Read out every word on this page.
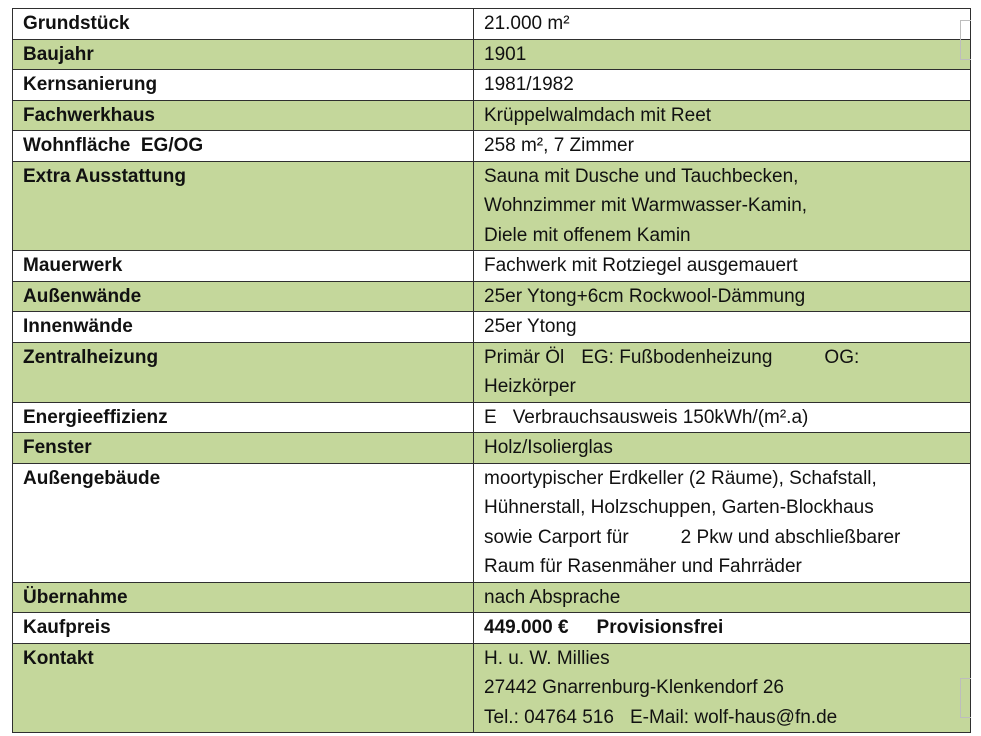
Grundstück	21.000 m²
Baujahr	1901
Kernsanierung	1981/1982
Fachwerkhaus	Krüppelwalmdach mit Reet
Wohnfläche  EG/OG	258 m², 7 Zimmer
Extra Ausstattung	Sauna mit Dusche und Tauchbecken,
Wohnzimmer mit Warmwasser-Kamin,
Diele mit offenem Kamin

Mauerwerk	Fachwerk mit Rotziegel ausgemauert
Außenwände	25er Ytong+6cm Rockwool-Dämmung
Innenwände	25er Ytong
Zentralheizung	Primär Öl EG: Fußbodenheizung OG:
Heizkörper

Energieeffizienz	E Verbrauchsausweis 150kWh/(m².a)
Fenster	Holz/Isolierglas
Außengebäude	moortypischer Erdkeller (2 Räume), Schafstall,
Hühnerstall, Holzschuppen, Garten-Blockhaus
sowie Carport für 2 Pkw und abschließbarer
Raum für Rasenmäher und Fahrräder

Übernahme	nach Absprache
Kaufpreis	449.000 € Provisionsfrei
Kontakt	H. u. W. Millies
27442 Gnarrenburg-Klenkendorf 26
Tel.: 04764 516 E-Mail: wolf-haus@fn.de
